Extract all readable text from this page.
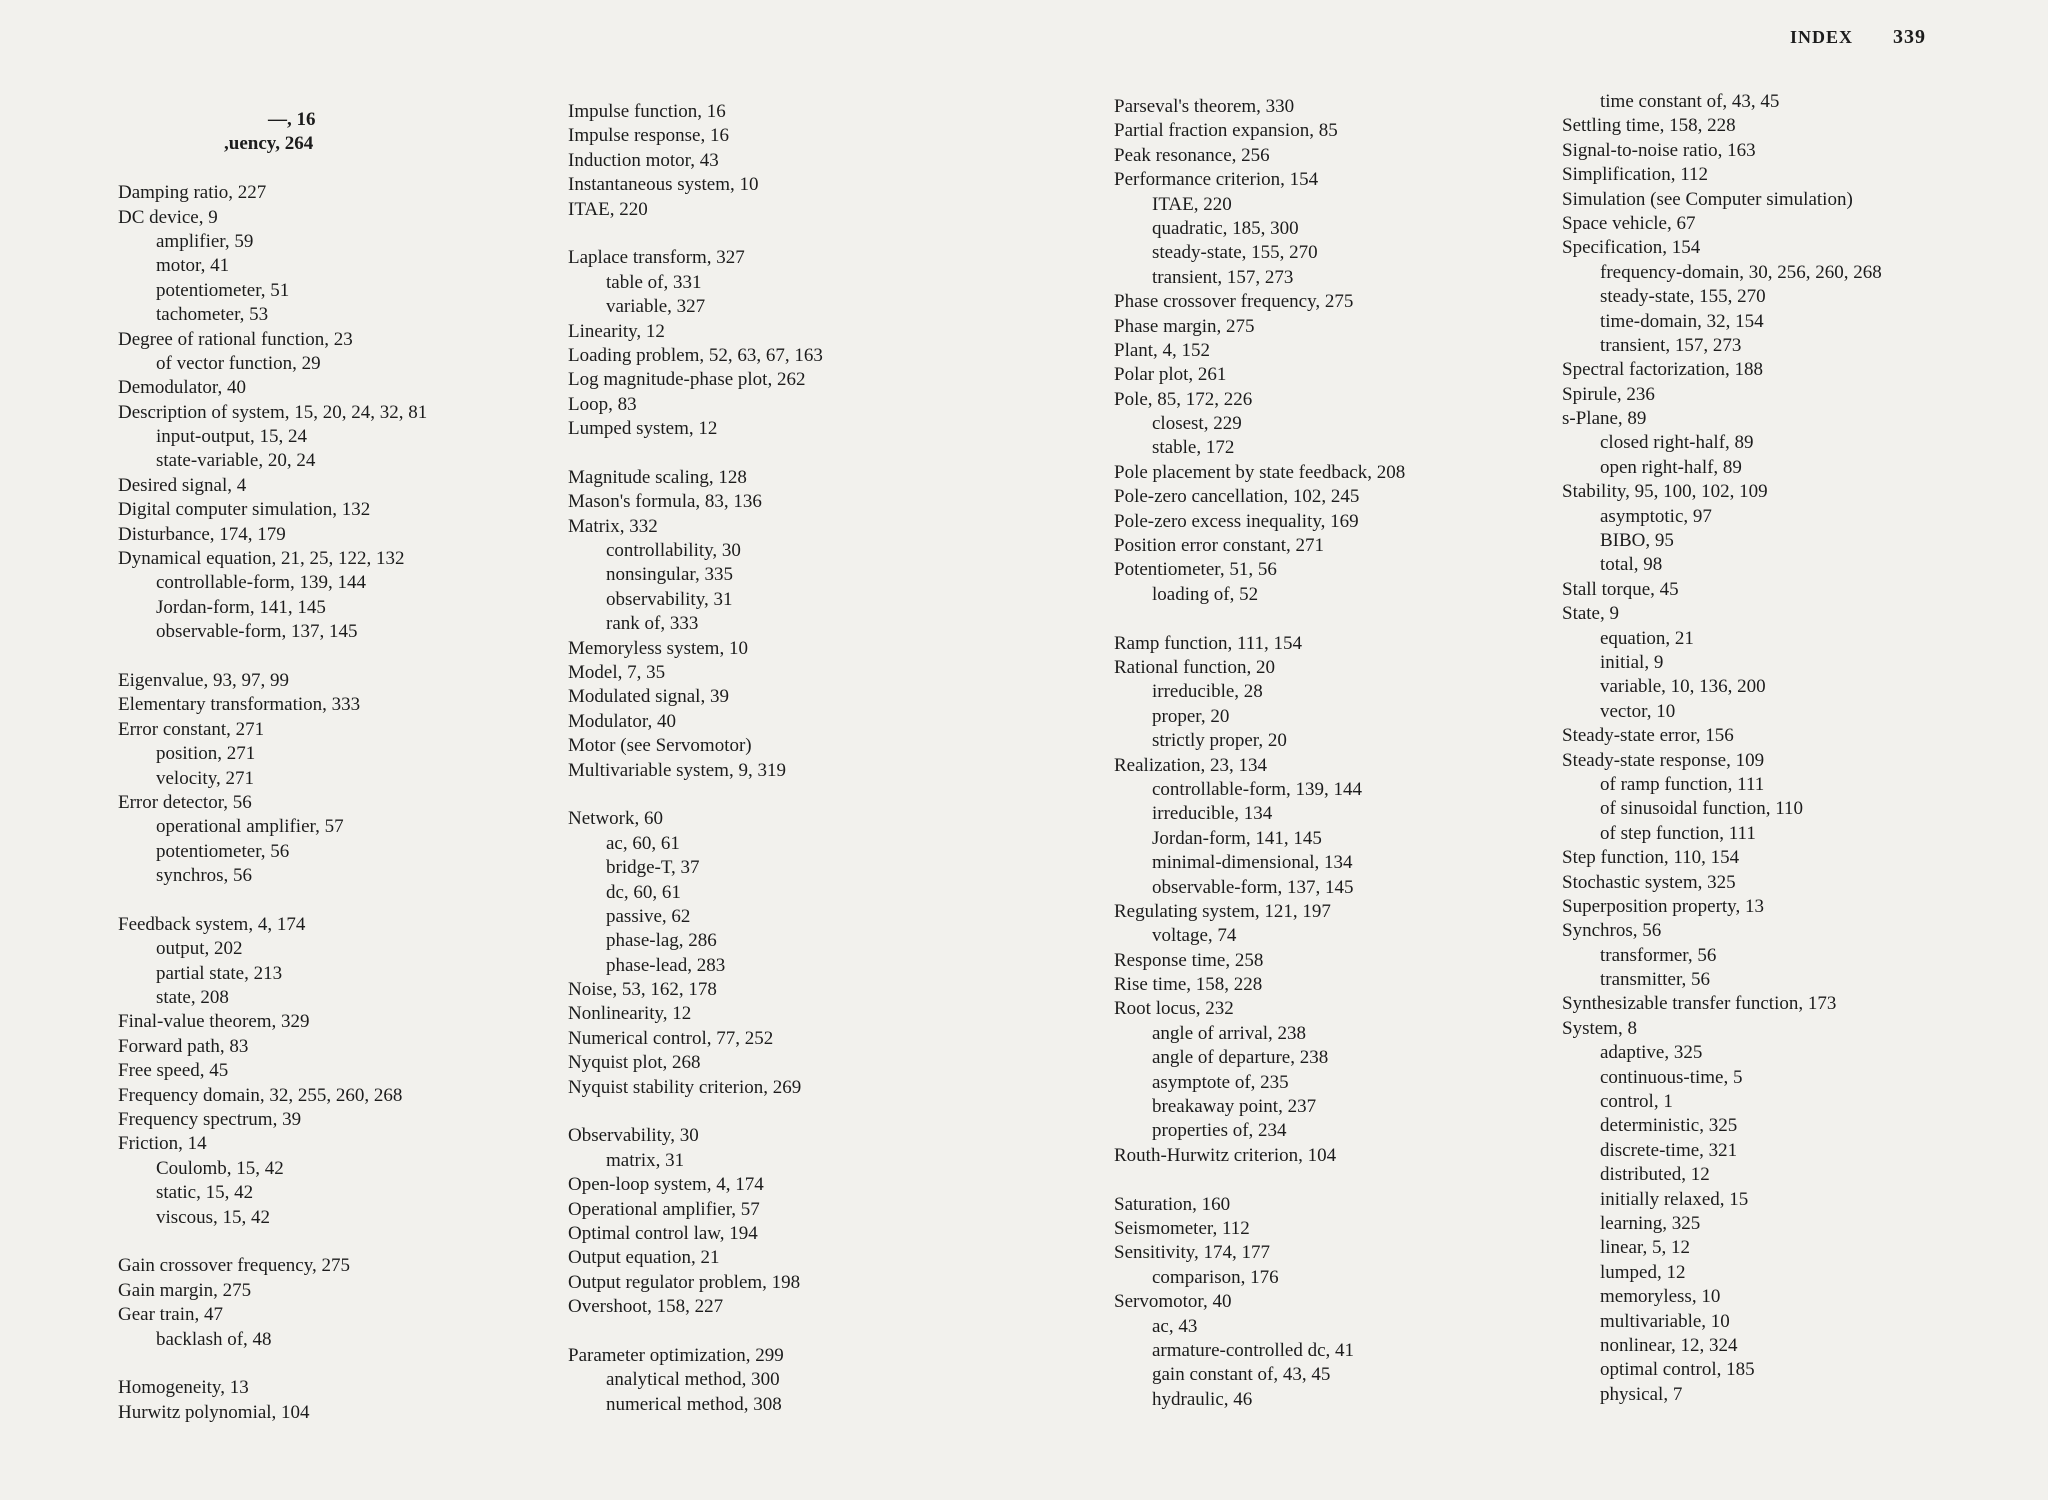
INDEX 339
—, 16
,uency, 264
Damping ratio, 227
DC device, 9
amplifier, 59
motor, 41
potentiometer, 51
tachometer, 53
Degree of rational function, 23
of vector function, 29
Demodulator, 40
Description of system, 15, 20, 24, 32, 81
input-output, 15, 24
state-variable, 20, 24
Desired signal, 4
Digital computer simulation, 132
Disturbance, 174, 179
Dynamical equation, 21, 25, 122, 132
controllable-form, 139, 144
Jordan-form, 141, 145
observable-form, 137, 145
Eigenvalue, 93, 97, 99
Elementary transformation, 333
Error constant, 271
position, 271
velocity, 271
Error detector, 56
operational amplifier, 57
potentiometer, 56
synchros, 56
Feedback system, 4, 174
output, 202
partial state, 213
state, 208
Final-value theorem, 329
Forward path, 83
Free speed, 45
Frequency domain, 32, 255, 260, 268
Frequency spectrum, 39
Friction, 14
Coulomb, 15, 42
static, 15, 42
viscous, 15, 42
Gain crossover frequency, 275
Gain margin, 275
Gear train, 47
backlash of, 48
Homogeneity, 13
Hurwitz polynomial, 104
Impulse function, 16
Impulse response, 16
Induction motor, 43
Instantaneous system, 10
ITAE, 220
Laplace transform, 327
table of, 331
variable, 327
Linearity, 12
Loading problem, 52, 63, 67, 163
Log magnitude-phase plot, 262
Loop, 83
Lumped system, 12
Magnitude scaling, 128
Mason's formula, 83, 136
Matrix, 332
controllability, 30
nonsingular, 335
observability, 31
rank of, 333
Memoryless system, 10
Model, 7, 35
Modulated signal, 39
Modulator, 40
Motor (see Servomotor)
Multivariable system, 9, 319
Network, 60
ac, 60, 61
bridge-T, 37
dc, 60, 61
passive, 62
phase-lag, 286
phase-lead, 283
Noise, 53, 162, 178
Nonlinearity, 12
Numerical control, 77, 252
Nyquist plot, 268
Nyquist stability criterion, 269
Observability, 30
matrix, 31
Open-loop system, 4, 174
Operational amplifier, 57
Optimal control law, 194
Output equation, 21
Output regulator problem, 198
Overshoot, 158, 227
Parameter optimization, 299
analytical method, 300
numerical method, 308
Parseval's theorem, 330
Partial fraction expansion, 85
Peak resonance, 256
Performance criterion, 154
ITAE, 220
quadratic, 185, 300
steady-state, 155, 270
transient, 157, 273
Phase crossover frequency, 275
Phase margin, 275
Plant, 4, 152
Polar plot, 261
Pole, 85, 172, 226
closest, 229
stable, 172
Pole placement by state feedback, 208
Pole-zero cancellation, 102, 245
Pole-zero excess inequality, 169
Position error constant, 271
Potentiometer, 51, 56
loading of, 52
Ramp function, 111, 154
Rational function, 20
irreducible, 28
proper, 20
strictly proper, 20
Realization, 23, 134
controllable-form, 139, 144
irreducible, 134
Jordan-form, 141, 145
minimal-dimensional, 134
observable-form, 137, 145
Regulating system, 121, 197
voltage, 74
Response time, 258
Rise time, 158, 228
Root locus, 232
angle of arrival, 238
angle of departure, 238
asymptote of, 235
breakaway point, 237
properties of, 234
Routh-Hurwitz criterion, 104
Saturation, 160
Seismometer, 112
Sensitivity, 174, 177
comparison, 176
Servomotor, 40
ac, 43
armature-controlled dc, 41
gain constant of, 43, 45
hydraulic, 46
time constant of, 43, 45
Settling time, 158, 228
Signal-to-noise ratio, 163
Simplification, 112
Simulation (see Computer simulation)
Space vehicle, 67
Specification, 154
frequency-domain, 30, 256, 260, 268
steady-state, 155, 270
time-domain, 32, 154
transient, 157, 273
Spectral factorization, 188
Spirule, 236
s-Plane, 89
closed right-half, 89
open right-half, 89
Stability, 95, 100, 102, 109
asymptotic, 97
BIBO, 95
total, 98
Stall torque, 45
State, 9
equation, 21
initial, 9
variable, 10, 136, 200
vector, 10
Steady-state error, 156
Steady-state response, 109
of ramp function, 111
of sinusoidal function, 110
of step function, 111
Step function, 110, 154
Stochastic system, 325
Superposition property, 13
Synchros, 56
transformer, 56
transmitter, 56
Synthesizable transfer function, 173
System, 8
adaptive, 325
continuous-time, 5
control, 1
deterministic, 325
discrete-time, 321
distributed, 12
initially relaxed, 15
learning, 325
linear, 5, 12
lumped, 12
memoryless, 10
multivariable, 10
nonlinear, 12, 324
optimal control, 185
physical, 7
